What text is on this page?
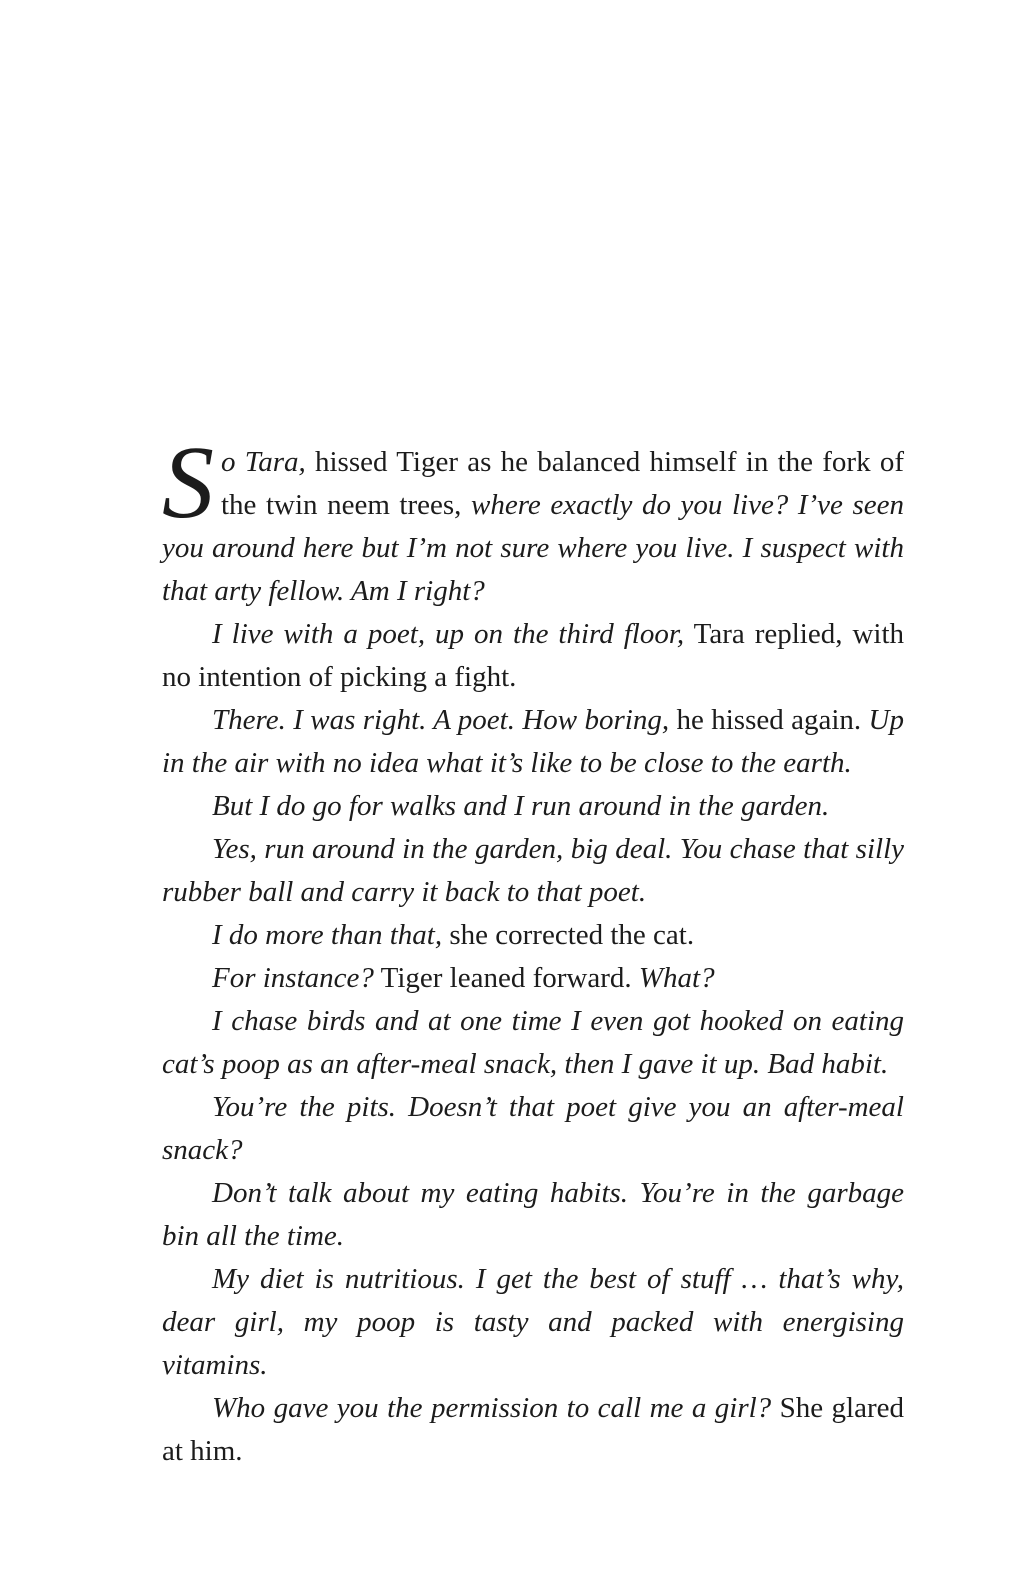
So Tara, hissed Tiger as he balanced himself in the fork of the twin neem trees, where exactly do you live? I’ve seen you around here but I’m not sure where you live. I suspect with that arty fellow. Am I right?

I live with a poet, up on the third floor, Tara replied, with no intention of picking a fight.

There. I was right. A poet. How boring, he hissed again. Up in the air with no idea what it’s like to be close to the earth.

But I do go for walks and I run around in the garden.

Yes, run around in the garden, big deal. You chase that silly rubber ball and carry it back to that poet.

I do more than that, she corrected the cat.

For instance? Tiger leaned forward. What?

I chase birds and at one time I even got hooked on eating cat’s poop as an after-meal snack, then I gave it up. Bad habit.

You’re the pits. Doesn’t that poet give you an after-meal snack?

Don’t talk about my eating habits. You’re in the garbage bin all the time.

My diet is nutritious. I get the best of stuff … that’s why, dear girl, my poop is tasty and packed with energising vitamins.

Who gave you the permission to call me a girl? She glared at him.
